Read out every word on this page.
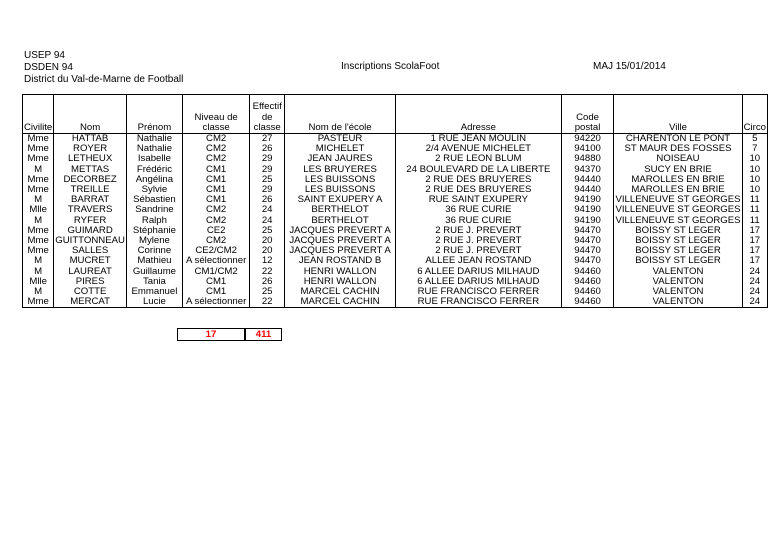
USEP 94
DSDEN 94
District du Val-de-Marne de Football
Inscriptions ScolaFoot	MAJ 15/01/2014
Civilite	Nom	Prénom	Niveau de classe	Effectif de classe	Nom de l'école	Adresse	Code postal	Ville	Circo
Mme	HATTAB	Nathalie	CM2	27	PASTEUR	1 RUE JEAN MOULIN	94220	CHARENTON LE PONT	5
Mme	ROYER	Nathalie	CM2	26	MICHELET	2/4 AVENUE MICHELET	94100	ST MAUR DES FOSSES	7
Mme	LETHEUX	Isabelle	CM2	29	JEAN JAURES	2 RUE LEON BLUM	94880	NOISEAU	10
M	METTAS	Frédéric	CM1	29	LES BRUYERES	24 BOULEVARD DE LA LIBERTE	94370	SUCY EN BRIE	10
Mme	DECORBEZ	Angélina	CM1	25	LES BUISSONS	2 RUE DES BRUYERES	94440	MAROLLES EN BRIE	10
Mme	TREILLE	Sylvie	CM1	29	LES BUISSONS	2 RUE DES BRUYERES	94440	MAROLLES EN BRIE	10
M	BARRAT	Sébastien	CM1	26	SAINT EXUPERY A	RUE SAINT EXUPERY	94190	VILLENEUVE ST GEORGES	11
Mlle	TRAVERS	Sandrine	CM2	24	BERTHELOT	36 RUE CURIE	94190	VILLENEUVE ST GEORGES	11
M	RYFER	Ralph	CM2	24	BERTHELOT	36 RUE CURIE	94190	VILLENEUVE ST GEORGES	11
Mme	GUIMARD	Stéphanie	CE2	25	JACQUES PREVERT A	2 RUE J. PREVERT	94470	BOISSY ST LEGER	17
Mme	GUITTONNEAU	Mylene	CM2	20	JACQUES PREVERT A	2 RUE J. PREVERT	94470	BOISSY ST LEGER	17
Mme	SALLES	Corinne	CE2/CM2	20	JACQUES PREVERT A	2 RUE J. PREVERT	94470	BOISSY ST LEGER	17
M	MUCRET	Mathieu	A sélectionner	12	JEAN ROSTAND B	ALLEE JEAN ROSTAND	94470	BOISSY ST LEGER	17
M	LAUREAT	Guillaume	CM1/CM2	22	HENRI WALLON	6 ALLEE DARIUS MILHAUD	94460	VALENTON	24
Mlle	PIRES	Tania	CM1	26	HENRI WALLON	6 ALLEE DARIUS MILHAUD	94460	VALENTON	24
M	COTTE	Emmanuel	CM1	25	MARCEL CACHIN	RUE FRANCISCO FERRER	94460	VALENTON	24
Mme	MERCAT	Lucie	A sélectionner	22	MARCEL CACHIN	RUE FRANCISCO FERRER	94460	VALENTON	24
17	411
